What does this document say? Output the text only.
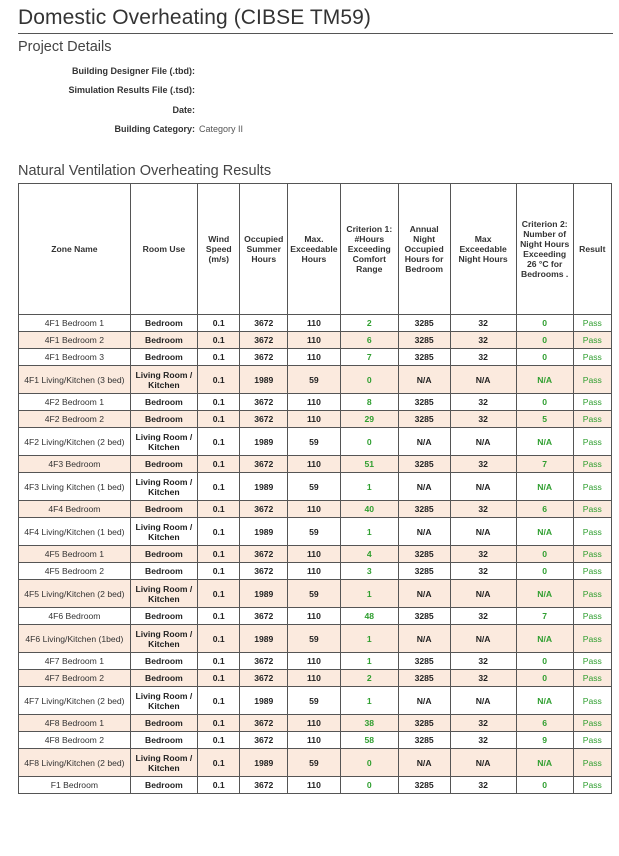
Domestic Overheating (CIBSE TM59)
Project Details
Building Designer File (.tbd):	
Simulation Results File (.tsd):	
Date:	
Building Category:	Category II
Natural Ventilation Overheating Results
Zone Name	Room Use	Wind Speed (m/s)	Occupied Summer Hours	Max. Exceedable Hours	Criterion 1: #Hours Exceeding Comfort Range	Annual Night Occupied Hours for Bedroom	Max Exceedable Night Hours	Criterion 2: Number of Night Hours Exceeding 26 °C for Bedrooms .	Result
4F1 Bedroom 1	Bedroom	0.1	3672	110	2	3285	32	0	Pass
4F1 Bedroom 2	Bedroom	0.1	3672	110	6	3285	32	0	Pass
4F1 Bedroom 3	Bedroom	0.1	3672	110	7	3285	32	0	Pass
4F1 Living/Kitchen (3 bed)	Living Room / Kitchen	0.1	1989	59	0	N/A	N/A	N/A	Pass
4F2 Bedroom 1	Bedroom	0.1	3672	110	8	3285	32	0	Pass
4F2 Bedroom 2	Bedroom	0.1	3672	110	29	3285	32	5	Pass
4F2 Living/Kitchen (2 bed)	Living Room / Kitchen	0.1	1989	59	0	N/A	N/A	N/A	Pass
4F3 Bedroom	Bedroom	0.1	3672	110	51	3285	32	7	Pass
4F3 Living Kitchen (1 bed)	Living Room / Kitchen	0.1	1989	59	1	N/A	N/A	N/A	Pass
4F4 Bedroom	Bedroom	0.1	3672	110	40	3285	32	6	Pass
4F4 Living/Kitchen (1 bed)	Living Room / Kitchen	0.1	1989	59	1	N/A	N/A	N/A	Pass
4F5 Bedroom 1	Bedroom	0.1	3672	110	4	3285	32	0	Pass
4F5 Bedroom 2	Bedroom	0.1	3672	110	3	3285	32	0	Pass
4F5 Living/Kitchen (2 bed)	Living Room / Kitchen	0.1	1989	59	1	N/A	N/A	N/A	Pass
4F6 Bedroom	Bedroom	0.1	3672	110	48	3285	32	7	Pass
4F6 Living/Kitchen (1bed)	Living Room / Kitchen	0.1	1989	59	1	N/A	N/A	N/A	Pass
4F7 Bedroom 1	Bedroom	0.1	3672	110	1	3285	32	0	Pass
4F7 Bedroom 2	Bedroom	0.1	3672	110	2	3285	32	0	Pass
4F7 Living/Kitchen (2 bed)	Living Room / Kitchen	0.1	1989	59	1	N/A	N/A	N/A	Pass
4F8 Bedroom 1	Bedroom	0.1	3672	110	38	3285	32	6	Pass
4F8 Bedroom 2	Bedroom	0.1	3672	110	58	3285	32	9	Pass
4F8 Living/Kitchen (2 bed)	Living Room / Kitchen	0.1	1989	59	0	N/A	N/A	N/A	Pass
F1 Bedroom	Bedroom	0.1	3672	110	0	3285	32	0	Pass
